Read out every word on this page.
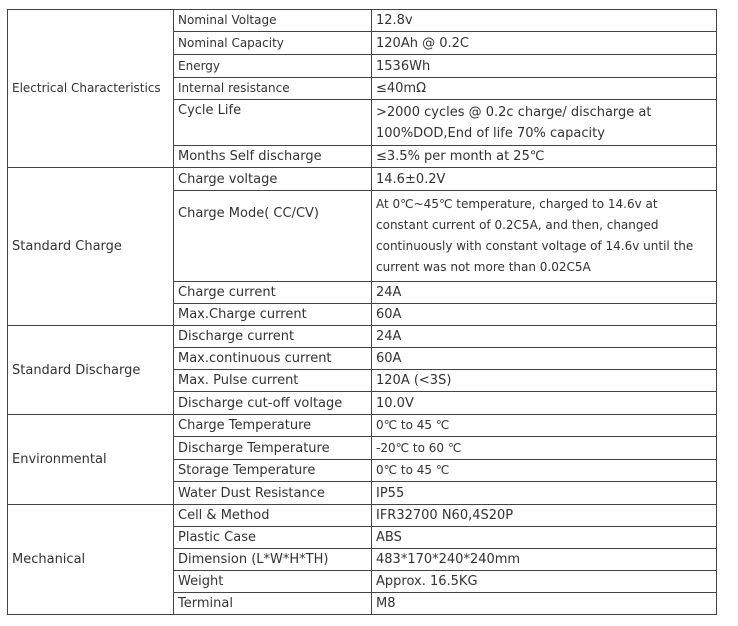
Electrical Characteristics	Nominal Voltage	12.8v
	Nominal Capacity	120Ah @ 0.2C
	Energy	1536Wh
	Internal resistance	≤40mΩ
	Cycle Life	>2000 cycles @ 0.2c charge/ discharge at 100%DOD,End of life 70% capacity
	Months Self discharge	≤3.5% per month at 25℃
Standard Charge	Charge voltage	14.6±0.2V
	Charge Mode( CC/CV)	At 0℃~45℃ temperature, charged to 14.6v at constant current of 0.2C5A, and then, changed continuously with constant voltage of 14.6v until the current was not more than 0.02C5A
	Charge current	24A
	Max.Charge current	60A
Standard Discharge	Discharge current	24A
	Max.continuous current	60A
	Max. Pulse current	120A (<3S)
	Discharge cut-off voltage	10.0V
Environmental	Charge Temperature	0℃ to 45 ℃
	Discharge Temperature	-20℃ to 60 ℃
	Storage Temperature	0℃ to 45 ℃
	Water Dust Resistance	IP55
Mechanical	Cell & Method	IFR32700 N60,4S20P
	Plastic Case	ABS
	Dimension (L*W*H*TH)	483*170*240*240mm
	Weight	Approx. 16.5KG
	Terminal	M8
